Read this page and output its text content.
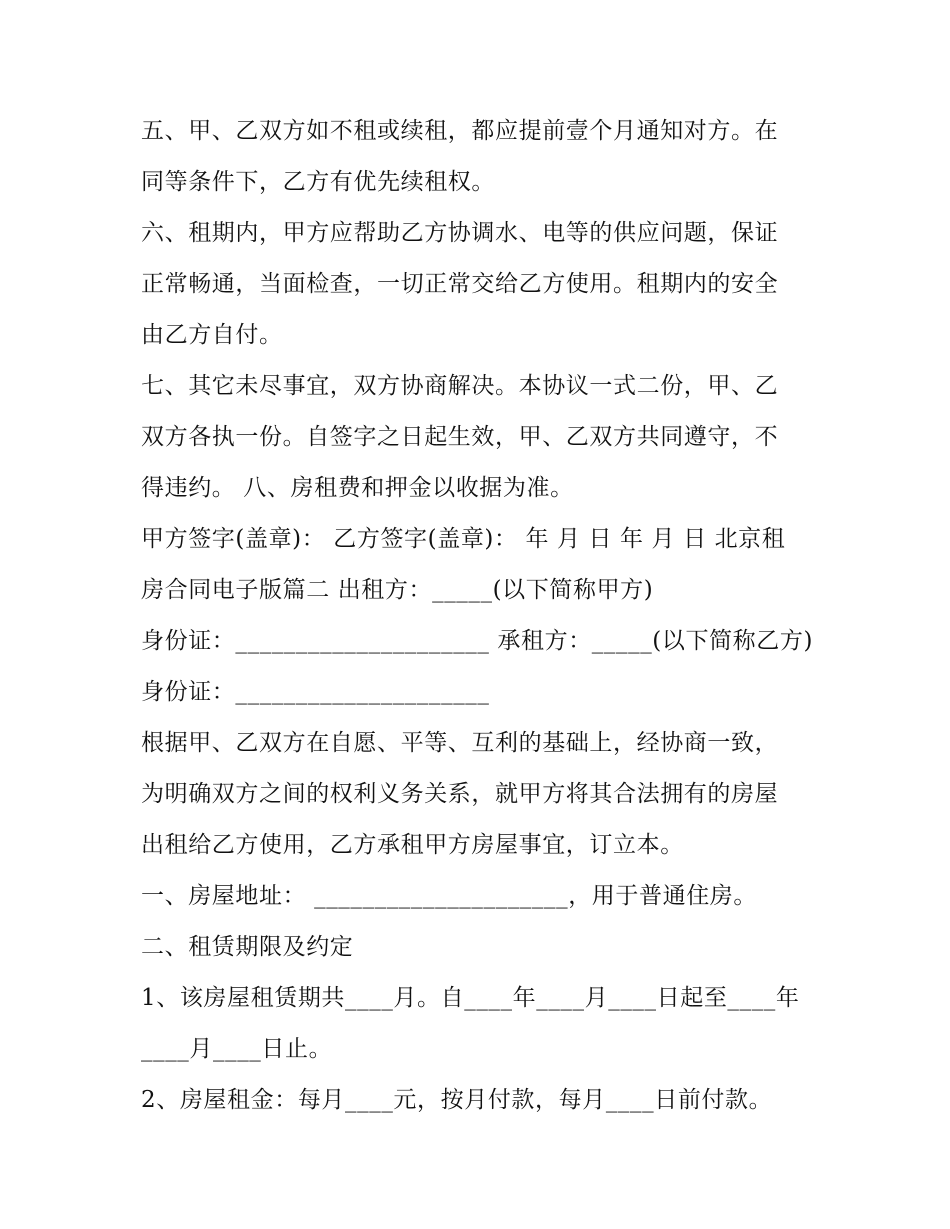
五、甲、乙双方如不租或续租，都应提前壹个月通知对方。在
同等条件下，乙方有优先续租权。
六、租期内，甲方应帮助乙方协调水、电等的供应问题，保证
正常畅通，当面检查，一切正常交给乙方使用。租期内的安全
由乙方自付。
七、其它未尽事宜，双方协商解决。本协议一式二份，甲、乙
双方各执一份。自签字之日起生效，甲、乙双方共同遵守，不
得违约。 八、房租费和押金以收据为准。
甲方签字(盖章)： 乙方签字(盖章)： 年 月 日 年 月 日 北京租
房合同电子版篇二 出租方：_____(以下简称甲方)
身份证：_____________________ 承租方：_____(以下简称乙方)
身份证：_____________________
根据甲、乙双方在自愿、平等、互利的基础上，经协商一致，
为明确双方之间的权利义务关系，就甲方将其合法拥有的房屋
出租给乙方使用，乙方承租甲方房屋事宜，订立本。
一、房屋地址： _____________________，用于普通住房。
二、租赁期限及约定
1、该房屋租赁期共____月。自____年____月____日起至____年
____月____日止。
2、房屋租金：每月____元，按月付款，每月____日前付款。
